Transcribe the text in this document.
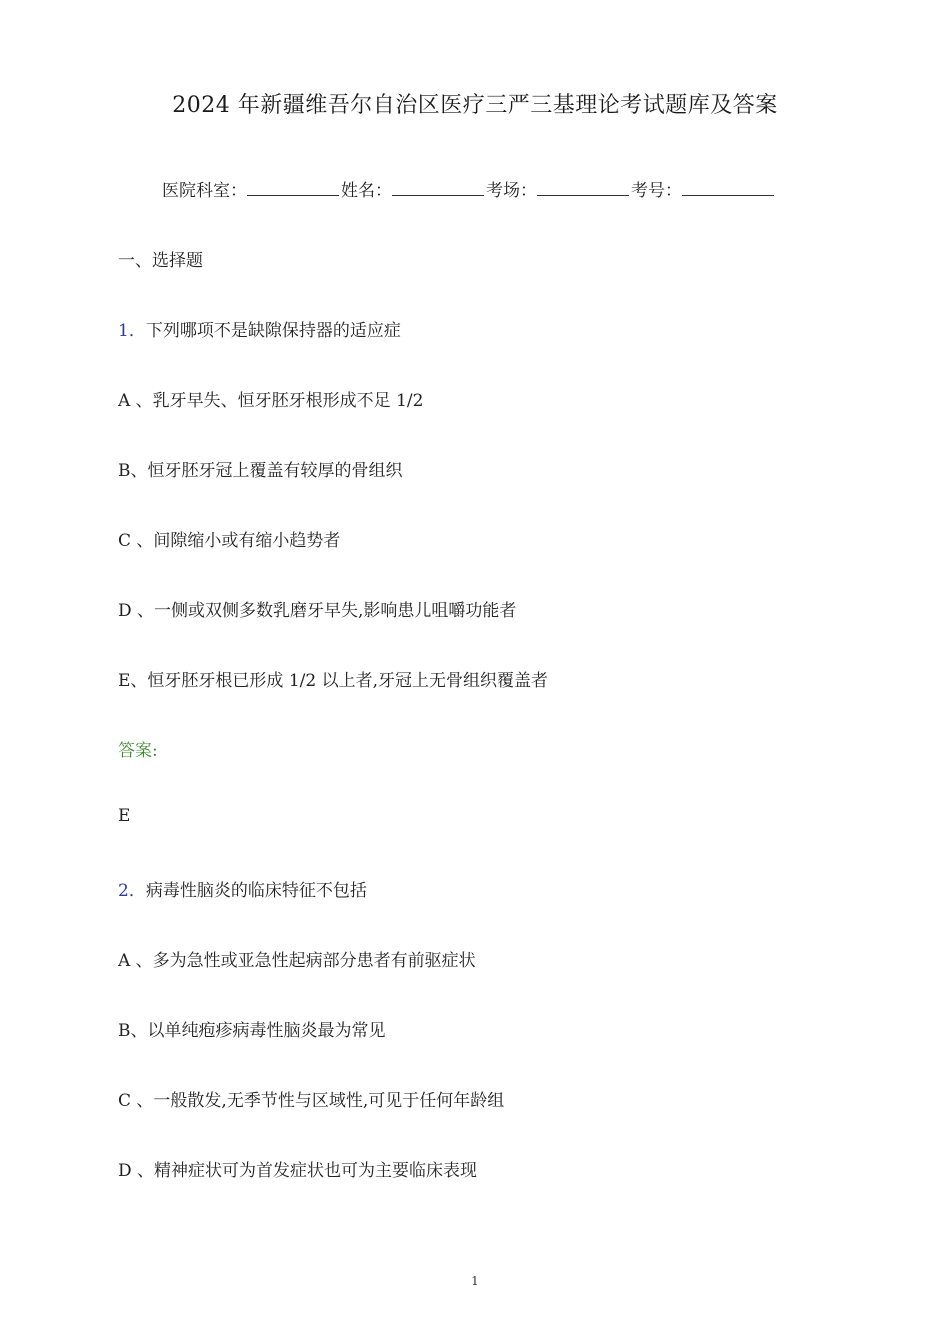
2024 年新疆维吾尔自治区医疗三严三基理论考试题库及答案
医院科室：	姓名：	考场：	考号：
一、选择题
1．下列哪项不是缺隙保持器的适应症
A 、乳牙早失、恒牙胚牙根形成不足 1/2
B、恒牙胚牙冠上覆盖有较厚的骨组织
C 、间隙缩小或有缩小趋势者
D 、一侧或双侧多数乳磨牙早失,影响患儿咀嚼功能者
E、恒牙胚牙根已形成 1/2 以上者,牙冠上无骨组织覆盖者
答案:
E
2．病毒性脑炎的临床特征不包括
A 、多为急性或亚急性起病部分患者有前驱症状
B、以单纯疱疹病毒性脑炎最为常见
C 、一般散发,无季节性与区域性,可见于任何年龄组
D 、精神症状可为首发症状也可为主要临床表现
1
